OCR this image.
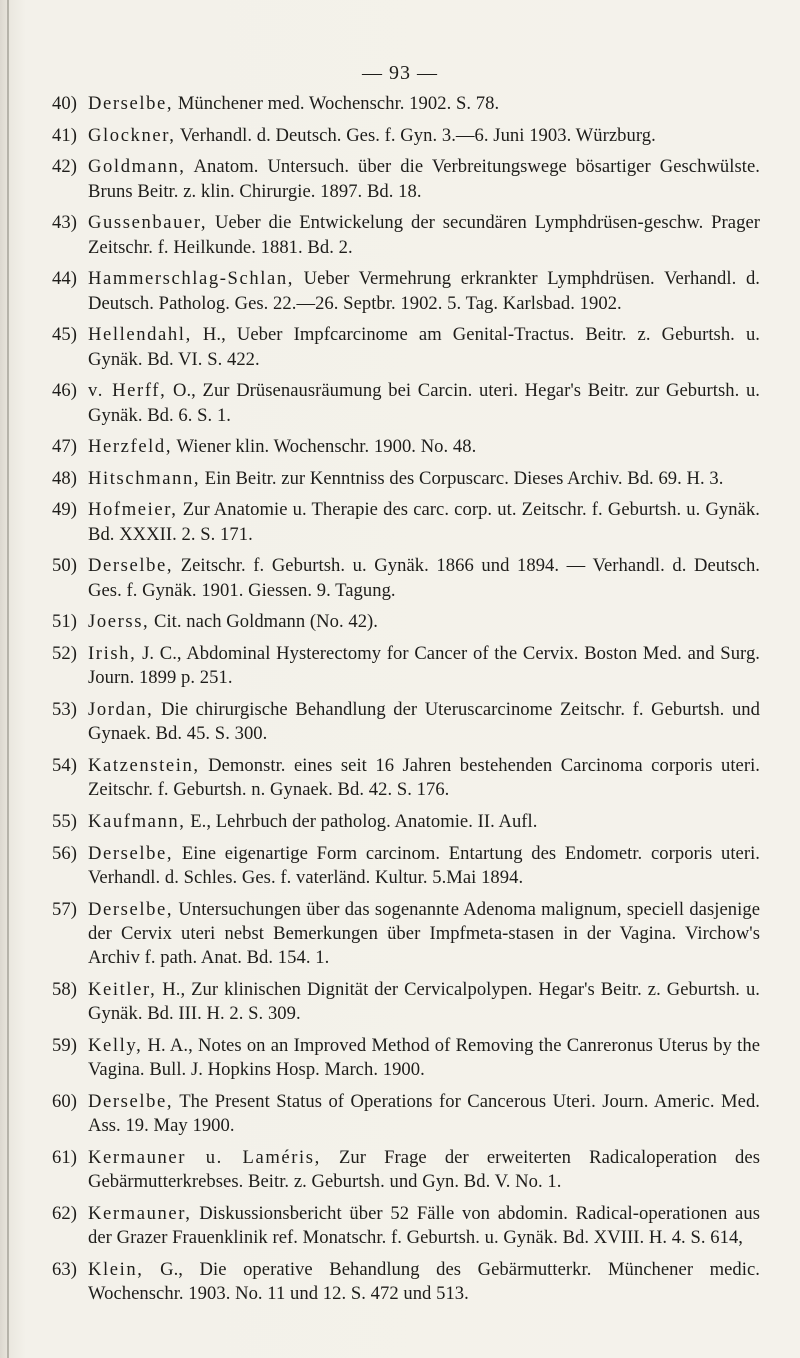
— 93 —
40) Derselbe, Münchener med. Wochenschr. 1902. S. 78.
41) Glockner, Verhandl. d. Deutsch. Ges. f. Gyn. 3.—6. Juni 1903. Würzburg.
42) Goldmann, Anatom. Untersuch. über die Verbreitungswege bösartiger Geschwülste. Bruns Beitr. z. klin. Chirurgie. 1897. Bd. 18.
43) Gussenbauer, Ueber die Entwickelung der secundären Lymphdrüsen-geschw. Prager Zeitschr. f. Heilkunde. 1881. Bd. 2.
44) Hammerschlag-Schlan, Ueber Vermehrung erkrankter Lymphdrüsen. Verhandl. d. Deutsch. Patholog. Ges. 22.—26. Septbr. 1902. 5. Tag. Karlsbad. 1902.
45) Hellendahl, H., Ueber Impfcarcinome am Genital-Tractus. Beitr. z. Geburtsh. u. Gynäk. Bd. VI. S. 422.
46) v. Herff, O., Zur Drüsenausräumung bei Carcin. uteri. Hegar's Beitr. zur Geburtsh. u. Gynäk. Bd. 6. S. 1.
47) Herzfeld, Wiener klin. Wochenschr. 1900. No. 48.
48) Hitschmann, Ein Beitr. zur Kenntniss des Corpuscarc. Dieses Archiv. Bd. 69. H. 3.
49) Hofmeier, Zur Anatomie u. Therapie des carc. corp. ut. Zeitschr. f. Geburtsh. u. Gynäk. Bd. XXXII. 2. S. 171.
50) Derselbe, Zeitschr. f. Geburtsh. u. Gynäk. 1866 und 1894. — Verhandl. d. Deutsch. Ges. f. Gynäk. 1901. Giessen. 9. Tagung.
51) Joerss, Cit. nach Goldmann (No. 42).
52) Irish, J. C., Abdominal Hysterectomy for Cancer of the Cervix. Boston Med. and Surg. Journ. 1899 p. 251.
53) Jordan, Die chirurgische Behandlung der Uteruscarcinome Zeitschr. f. Geburtsh. und Gynaek. Bd. 45. S. 300.
54) Katzenstein, Demonstr. eines seit 16 Jahren bestehenden Carcinoma corporis uteri. Zeitschr. f. Geburtsh. n. Gynaek. Bd. 42. S. 176.
55) Kaufmann, E., Lehrbuch der patholog. Anatomie. II. Aufl.
56) Derselbe, Eine eigenartige Form carcinom. Entartung des Endometr. corporis uteri. Verhandl. d. Schles. Ges. f. vaterländ. Kultur. 5.Mai 1894.
57) Derselbe, Untersuchungen über das sogenannte Adenoma malignum, speciell dasjenige der Cervix uteri nebst Bemerkungen über Impfmeta-stasen in der Vagina. Virchow's Archiv f. path. Anat. Bd. 154. 1.
58) Keitler, H., Zur klinischen Dignität der Cervicalpolypen. Hegar's Beitr. z. Geburtsh. u. Gynäk. Bd. III. H. 2. S. 309.
59) Kelly, H. A., Notes on an Improved Method of Removing the Canreronus Uterus by the Vagina. Bull. J. Hopkins Hosp. March. 1900.
60) Derselbe, The Present Status of Operations for Cancerous Uteri. Journ. Americ. Med. Ass. 19. May 1900.
61) Kermauner u. Laméris, Zur Frage der erweiterten Radicaloperation des Gebärmutterkrebses. Beitr. z. Geburtsh. und Gyn. Bd. V. No. 1.
62) Kermauner, Diskussionsbericht über 52 Fälle von abdomin. Radical-operationen aus der Grazer Frauenklinik ref. Monatschr. f. Geburtsh. u. Gynäk. Bd. XVIII. H. 4. S. 614,
63) Klein, G., Die operative Behandlung des Gebärmutterkr. Münchener medic. Wochenschr. 1903. No. 11 und 12. S. 472 und 513.
